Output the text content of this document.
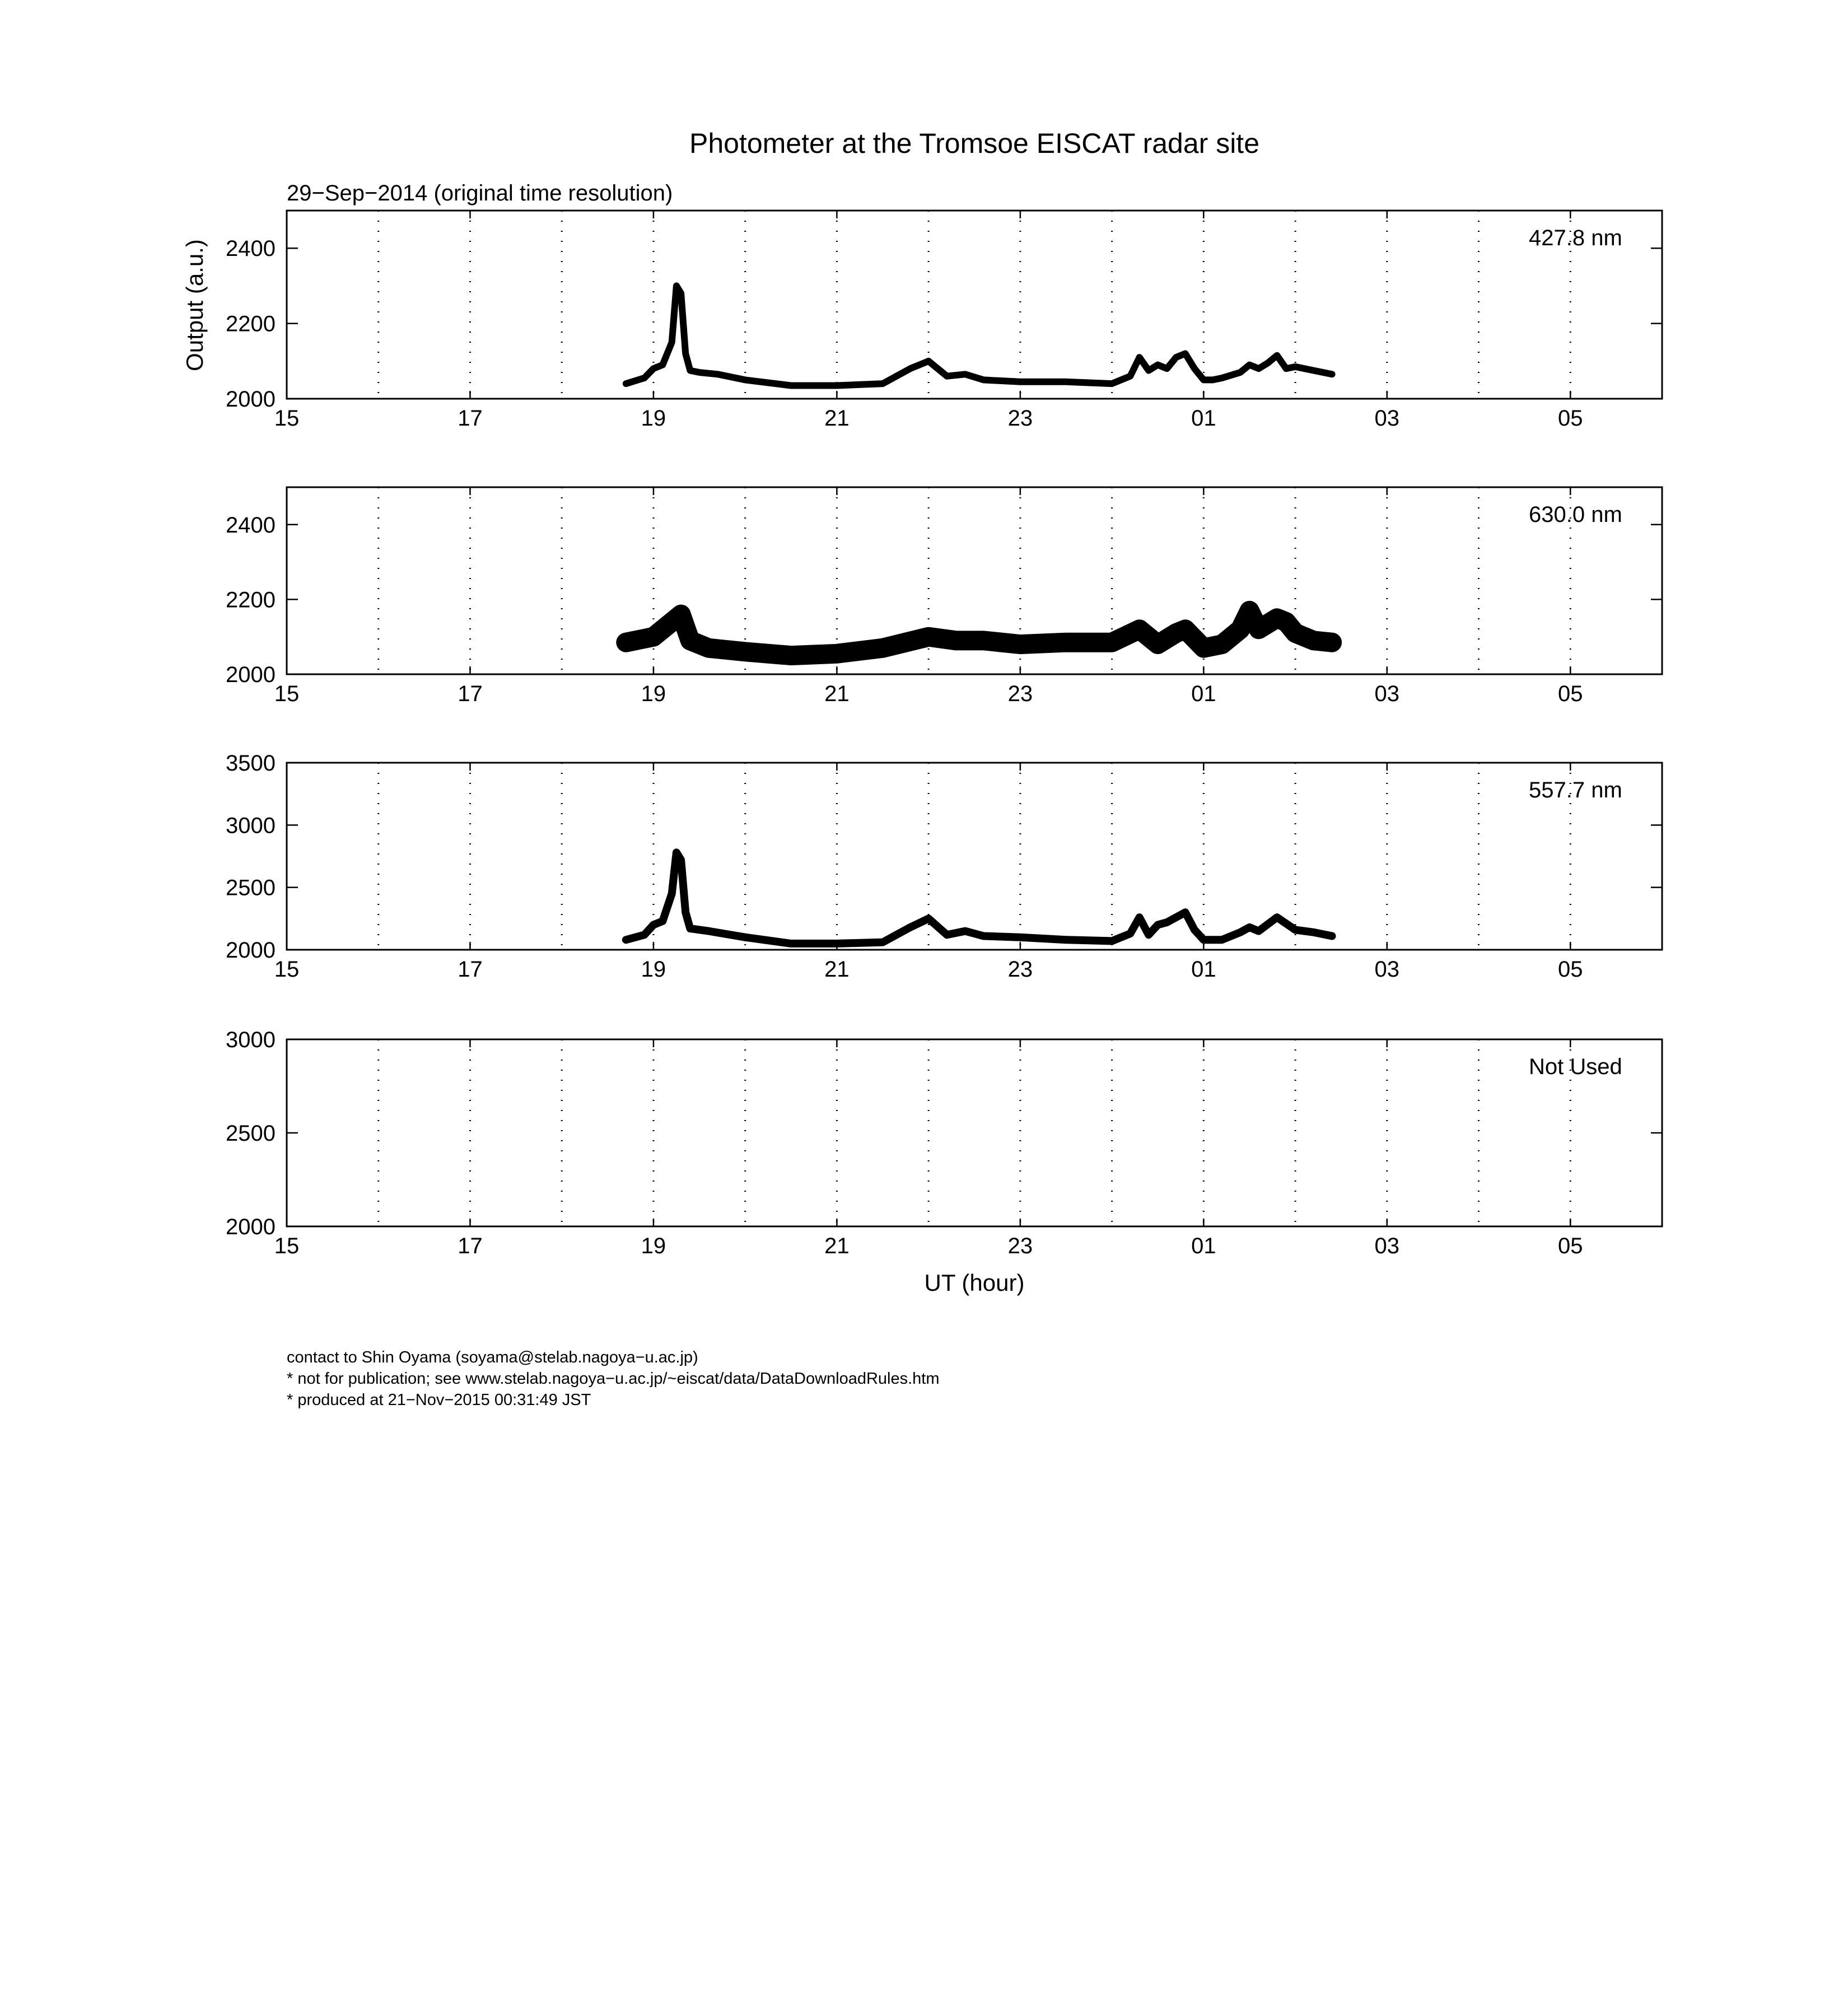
Photometer at the Tromsoe EISCAT radar site
29−Sep−2014 (original time resolution)
Output (a.u.)
UT (hour)
15	17	19	21	23	01	03	05
2000
2200
2400	427.8 nm
15	17	19	21	23	01	03	05
2000
2200
2400	630.0 nm
15	17	19	21	23	01	03	05
2000
2500
3000
3500
557.7 nm
15	17	19	21	23	01	03	05
2000
2500
3000
Not Used
contact to Shin Oyama (soyama@stelab.nagoya−u.ac.jp)
* not for publication; see www.stelab.nagoya−u.ac.jp/~eiscat/data/DataDownloadRules.htm
* produced at 21−Nov−2015 00:31:49 JST
